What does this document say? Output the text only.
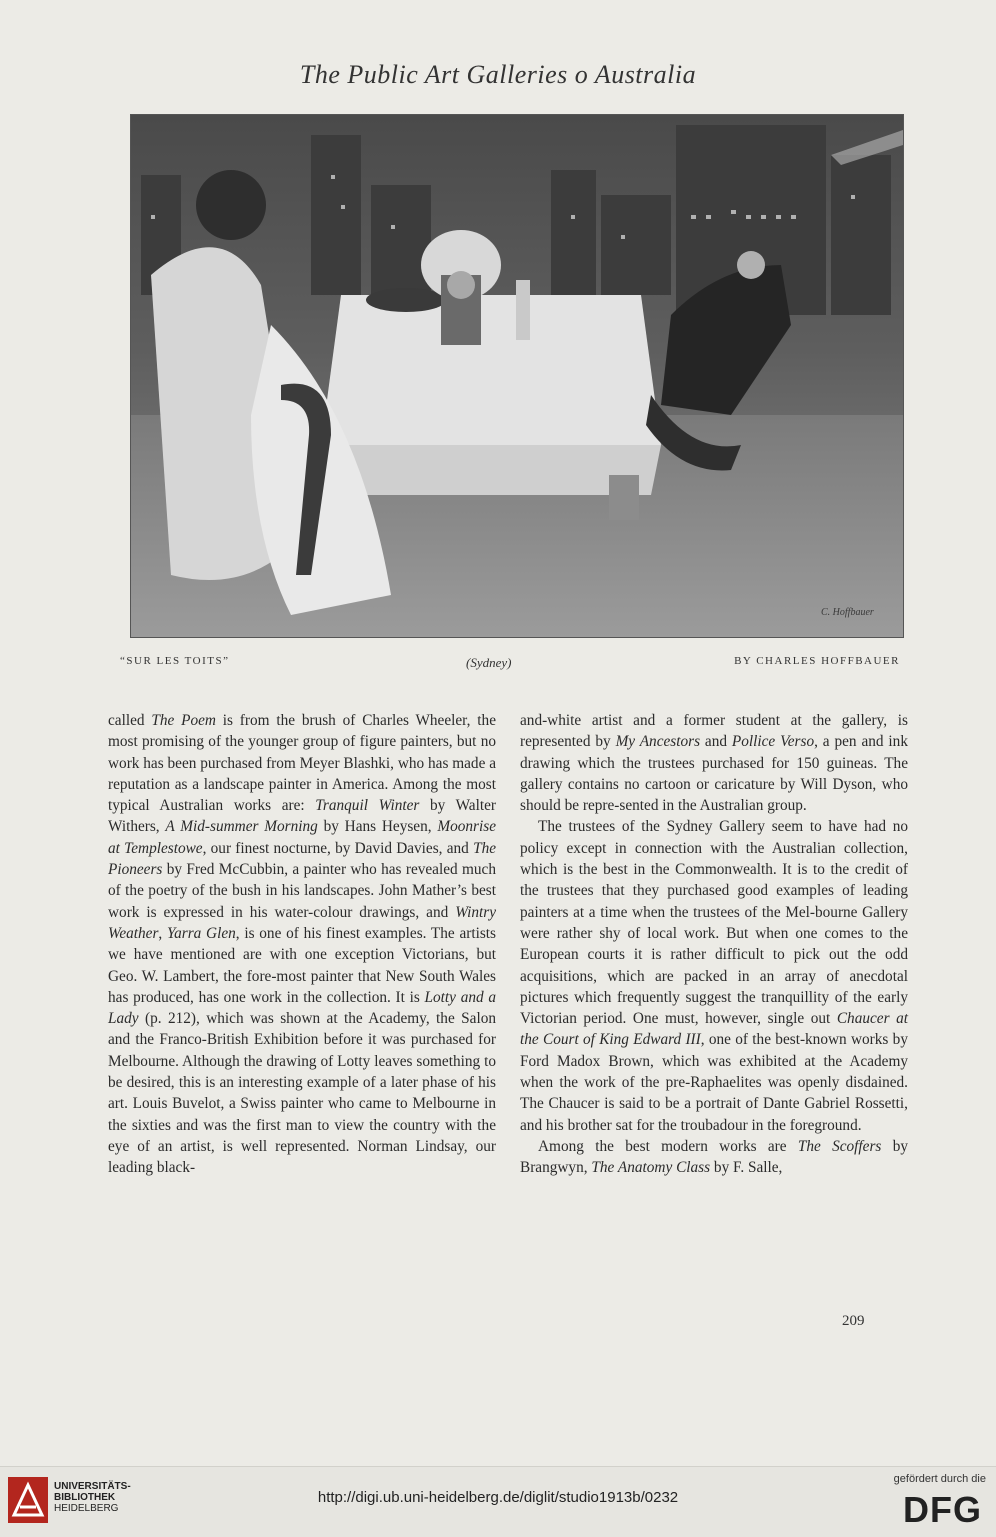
The Public Art Galleries o Australia
C. Hoffbauer
“SUR LES TOITS”	(Sydney)	BY CHARLES HOFFBAUER

called The Poem is from the brush of Charles Wheeler, the most promising of the younger group of figure painters, but no work has been purchased from Meyer Blashki, who has made a reputation as a landscape painter in America. Among the most typical Australian works are: Tranquil Winter by Walter Withers, A Mid-summer Morning by Hans Heysen, Moonrise at Templestowe, our finest nocturne, by David Davies, and The Pioneers by Fred McCubbin, a painter who has revealed much of the poetry of the bush in his landscapes. John Mather’s best work is expressed in his water-colour drawings, and Wintry Weather, Yarra Glen, is one of his finest examples. The artists we have mentioned are with one exception Victorians, but Geo. W. Lambert, the fore-most painter that New South Wales has produced, has one work in the collection. It is Lotty and a Lady (p. 212), which was shown at the Academy, the Salon and the Franco-British Exhibition before it was purchased for Melbourne. Although the drawing of Lotty leaves something to be desired, this is an interesting example of a later phase of his art. Louis Buvelot, a Swiss painter who came to Melbourne in the sixties and was the first man to view the country with the eye of an artist, is well represented. Norman Lindsay, our leading black-

and-white artist and a former student at the gallery, is represented by My Ancestors and Pollice Verso, a pen and ink drawing which the trustees purchased for 150 guineas. The gallery contains no cartoon or caricature by Will Dyson, who should be repre-sented in the Australian group.

The trustees of the Sydney Gallery seem to have had no policy except in connection with the Australian collection, which is the best in the Commonwealth. It is to the credit of the trustees that they purchased good examples of leading painters at a time when the trustees of the Mel-bourne Gallery were rather shy of local work. But when one comes to the European courts it is rather difficult to pick out the odd acquisitions, which are packed in an array of anecdotal pictures which frequently suggest the tranquillity of the early Victorian period. One must, however, single out Chaucer at the Court of King Edward III, one of the best-known works by Ford Madox Brown, which was exhibited at the Academy when the work of the pre-Raphaelites was openly disdained. The Chaucer is said to be a portrait of Dante Gabriel Rossetti, and his brother sat for the troubadour in the foreground.

Among the best modern works are The Scoffers by Brangwyn, The Anatomy Class by F. Salle,

209
UNIVERSITÄTS-
BIBLIOTHEK
HEIDELBERG
http://digi.ub.uni-heidelberg.de/diglit/studio1913b/0232
gefördert durch die
DFG
